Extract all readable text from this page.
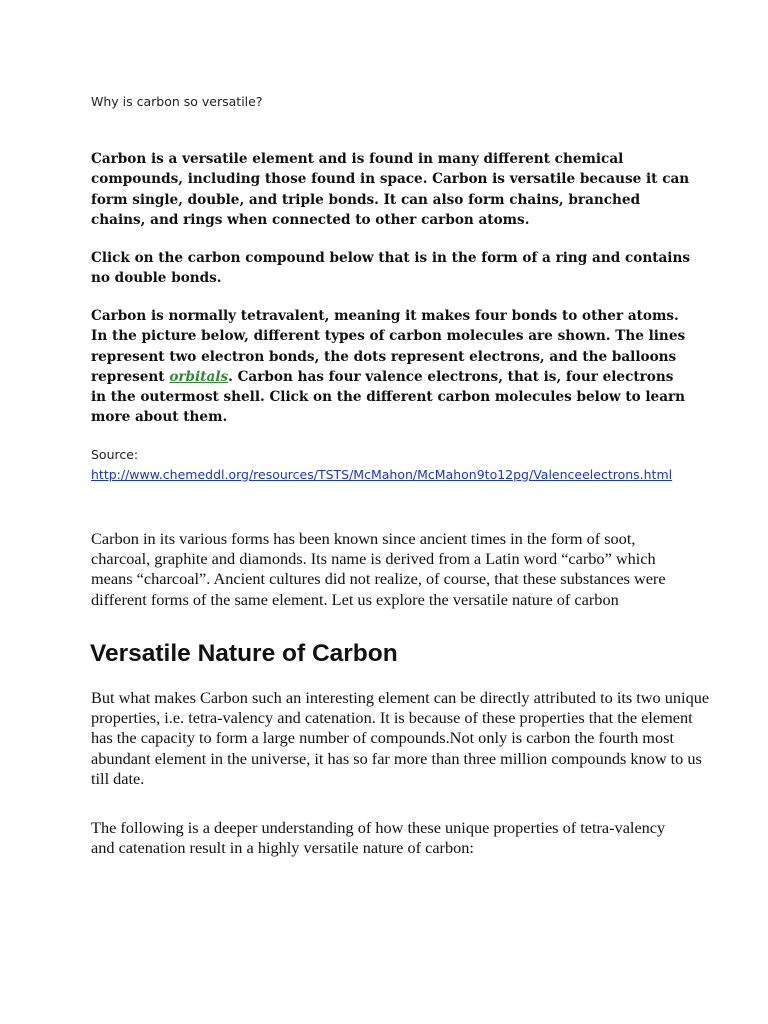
Why is carbon so versatile?

Carbon is a versatile element and is found in many different chemical compounds, including those found in space. Carbon is versatile because it can form single, double, and triple bonds. It can also form chains, branched chains, and rings when connected to other carbon atoms.

Click on the carbon compound below that is in the form of a ring and contains no double bonds.

Carbon is normally tetravalent, meaning it makes four bonds to other atoms. In the picture below, different types of carbon molecules are shown. The lines represent two electron bonds, the dots represent electrons, and the balloons represent orbitals. Carbon has four valence electrons, that is, four electrons in the outermost shell. Click on the different carbon molecules below to learn more about them.

Source:
http://www.chemeddl.org/resources/TSTS/McMahon/McMahon9to12pg/Valenceelectrons.html

Carbon in its various forms has been known since ancient times in the form of soot, charcoal, graphite and diamonds. Its name is derived from a Latin word “carbo” which means “charcoal”. Ancient cultures did not realize, of course, that these substances were different forms of the same element. Let us explore the versatile nature of carbon

Versatile Nature of Carbon

But what makes Carbon such an interesting element can be directly attributed to its two unique properties, i.e. tetra-valency and catenation. It is because of these properties that the element has the capacity to form a large number of compounds.Not only is carbon the fourth most abundant element in the universe, it has so far more than three million compounds know to us till date.

The following is a deeper understanding of how these unique properties of tetra-valency and catenation result in a highly versatile nature of carbon:
